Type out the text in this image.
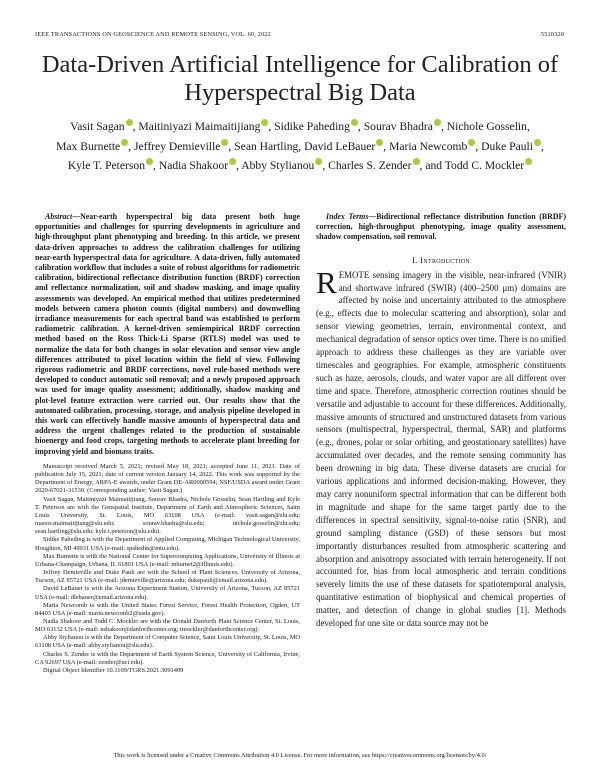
IEEE TRANSACTIONS ON GEOSCIENCE AND REMOTE SENSING, VOL. 60, 2022	5510320
Data-Driven Artificial Intelligence for Calibration of Hyperspectral Big Data
Vasit Sagan , Maitiniyazi Maimaitijiang , Sidike Paheding , Sourav Bhadra , Nichole Gosselin,
Max Burnette , Jeffrey Demieville , Sean Hartling, David LeBauer , Maria Newcomb , Duke Pauli ,
Kyle T. Peterson , Nadia Shakoor , Abby Stylianou , Charles S. Zender , and Todd C. Mockler

Abstract—Near-earth hyperspectral big data present both huge opportunities and challenges for spurring developments in agriculture and high-throughput plant phenotyping and breeding. In this article, we present data-driven approaches to address the calibration challenges for utilizing near-earth hyperspectral data for agriculture. A data-driven, fully automated calibration workflow that includes a suite of robust algorithms for radiometric calibration, bidirectional reflectance distribution function (BRDF) correction and reflectance normalization, soil and shadow masking, and image quality assessments was developed. An empirical method that utilizes predetermined models between camera photon counts (digital numbers) and downwelling irradiance measurements for each spectral band was established to perform radiometric calibration. A kernel-driven semiempirical BRDF correction method based on the Ross Thick-Li Sparse (RTLS) model was used to normalize the data for both changes in solar elevation and sensor view angle differences attributed to pixel location within the field of view. Following rigorous radiometric and BRDF corrections, novel rule-based methods were developed to conduct automatic soil removal; and a newly proposed approach was used for image quality assessment; additionally, shadow masking and plot-level feature extraction were carried out. Our results show that the automated calibration, processing, storage, and analysis pipeline developed in this work can effectively handle massive amounts of hyperspectral data and address the urgent challenges related to the production of sustainable bioenergy and food crops, targeting methods to accelerate plant breeding for improving yield and biomass traits.

Index Terms—Bidirectional reflectance distribution function (BRDF) correction, high-throughput phenotyping, image quality assessment, shadow compensation, soil removal.

I. Introduction

REMOTE sensing imagery in the visible, near-infrared (VNIR) and shortwave infrared (SWIR) (400–2500 μm) domains are affected by noise and uncertainty attributed to the atmosphere (e.g., effects due to molecular scattering and absorption), solar and sensor viewing geometries, terrain, environmental context, and mechanical degradation of sensor optics over time. There is no unified approach to address these challenges as they are variable over timescales and geographies. For example, atmospheric constituents such as haze, aerosols, clouds, and water vapor are all different over time and space. Therefore, atmospheric correction routines should be versatile and adjustable to account for these differences. Additionally, massive amounts of structured and unstructured datasets from various sensors (multispectral, hyperspectral, thermal, SAR) and platforms (e.g., drones, polar or solar orbiting, and geostationary satellites) have accumulated over decades, and the remote sensing community has been drowning in big data. These diverse datasets are crucial for various applications and informed decision-making. However, they may carry nonuniform spectral information that can be different both in magnitude and shape for the same target partly due to the differences in spectral sensitivity, signal-to-noise ratio (SNR), and ground sampling distance (GSD) of these sensors but most importantly disturbances resulted from atmospheric scattering and absorption and anisotropy associated with terrain heterogeneity. If not accounted for, bias from local atmospheric and terrain conditions severely limits the use of these datasets for spatiotemporal analysis, quantitative estimation of biophysical and chemical properties of matter, and detection of change in global studies [1]. Methods developed for one site or data source may not be

Manuscript received March 5, 2021; revised May 18, 2021; accepted June 11, 2021. Date of publication July 15, 2021; date of current version January 14, 2022. This work was supported by the Department of Energy, ARPA-E awards, under Grant DE-AR0000594; NSF/USDA award under Grant 2020-67021-31530. (Corresponding author: Vasit Sagan.)

Vasit Sagan, Maitiniyazi Maimaitijiang, Sourav Bhadra, Nichole Gosselin, Sean Hartling and Kyle T. Peterson are with the Geospatial Institute, Department of Earth and Atmospheric Sciences, Saint Louis University, St. Louis, MO 63108 USA (e-mail: vasit.sagan@slu.edu; maoos.maimaitijiang@slu.edu; sourav.bhadra@slu.edu; nichole.gosselin@slu.edu; sean.hartling@slu.edu; kyle.t.peterson@slu.edu).

Sidike Paheding is with the Department of Applied Computing, Michigan Technological University, Houghton, MI 49931 USA (e-mail: spahedin@mtu.edu).

Max Burnette is with the National Center for Supercomputing Applications, University of Illinois at Urbana-Champaign, Urbana, IL 61801 USA (e-mail: mburnet2@illinois.edu).

Jeffrey Demieville and Duke Pauli are with the School of Plant Sciences, University of Arizona, Tucson, AZ 85721 USA (e-mail: jdemieville@arizona.edu; dukepauli@email.arizona.edu).

David LeBauer is with the Arizona Experiment Station, University of Arizona, Tucson, AZ 85721 USA (e-mail: dlebauer@email.arizona.edu).

Maria Newcomb is with the United States Forest Service, Forest Health Protection, Ogden, UT 84403 USA (e-mail: maria.newcomb2@usda.gov).

Nadia Shakoor and Todd C. Mockler are with the Donald Danforth Plant Science Center, St. Louis, MO 63132 USA (e-mail: nshakoor@danforthcenter.org; tmockler@danforthcenter.org).

Abby Stylianou is with the Department of Computer Science, Saint Louis University, St. Louis, MO 63108 USA (e-mail: abby.stylianou@slu.edu).

Charles S. Zender is with the Department of Earth System Science, University of California, Irvine, CA 92697 USA (e-mail: zender@uci.edu).

Digital Object Identifier 10.1109/TGRS.2021.3091409

This work is licensed under a Creative Commons Attribution 4.0 License. For more information, see https://creativecommons.org/licenses/by/4.0/
